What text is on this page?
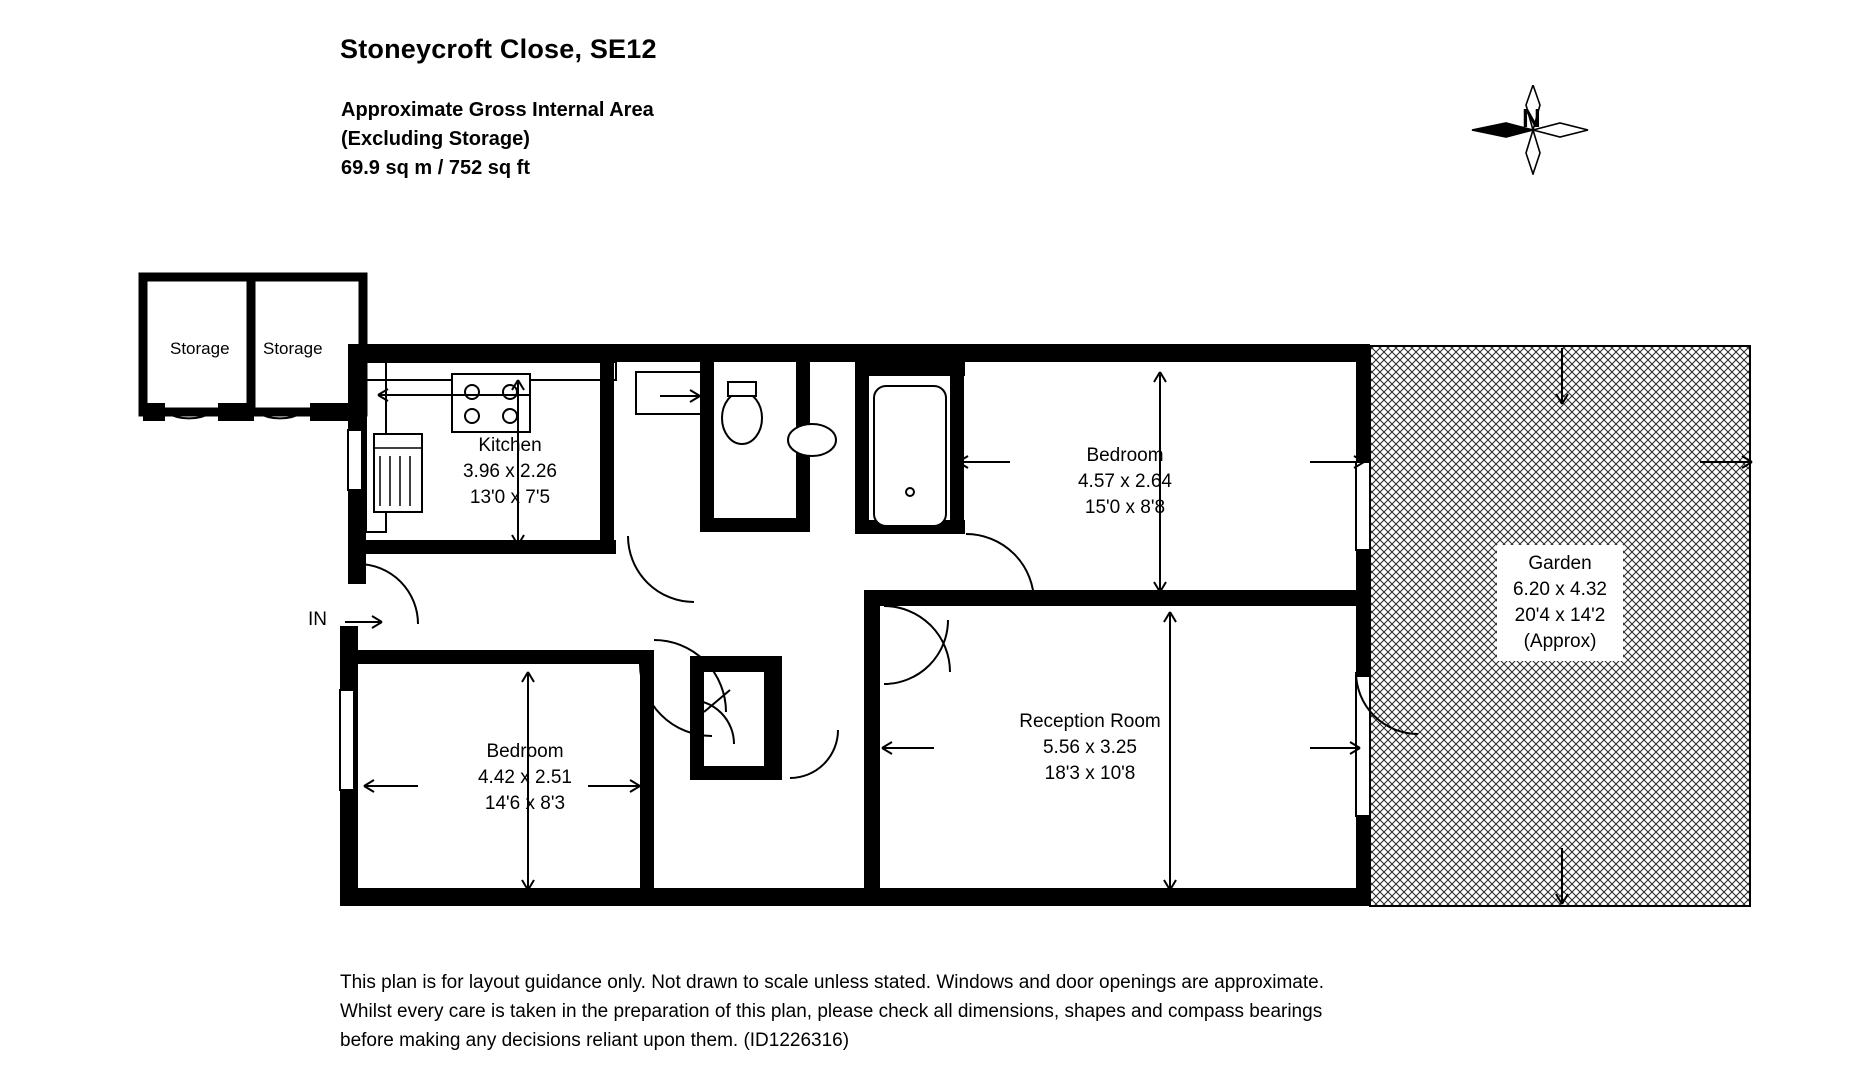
Stoneycroft Close, SE12
Approximate Gross Internal Area
(Excluding Storage)
69.9 sq m / 752 sq ft
N
Storage Storage
Kitchen
3.96 x 2.26
13'0 x 7'5
Bedroom
4.57 x 2.64
15'0 x 8'8
Bedroom
4.42 x 2.51
14'6 x 8'3
Reception Room
5.56 x 3.25
18'3 x 10'8
Garden
6.20 x 4.32
20'4 x 14'2
(Approx)
IN
This plan is for layout guidance only. Not drawn to scale unless stated. Windows and door openings are approximate.
Whilst every care is taken in the preparation of this plan, please check all dimensions, shapes and compass bearings
before making any decisions reliant upon them. (ID1226316)
